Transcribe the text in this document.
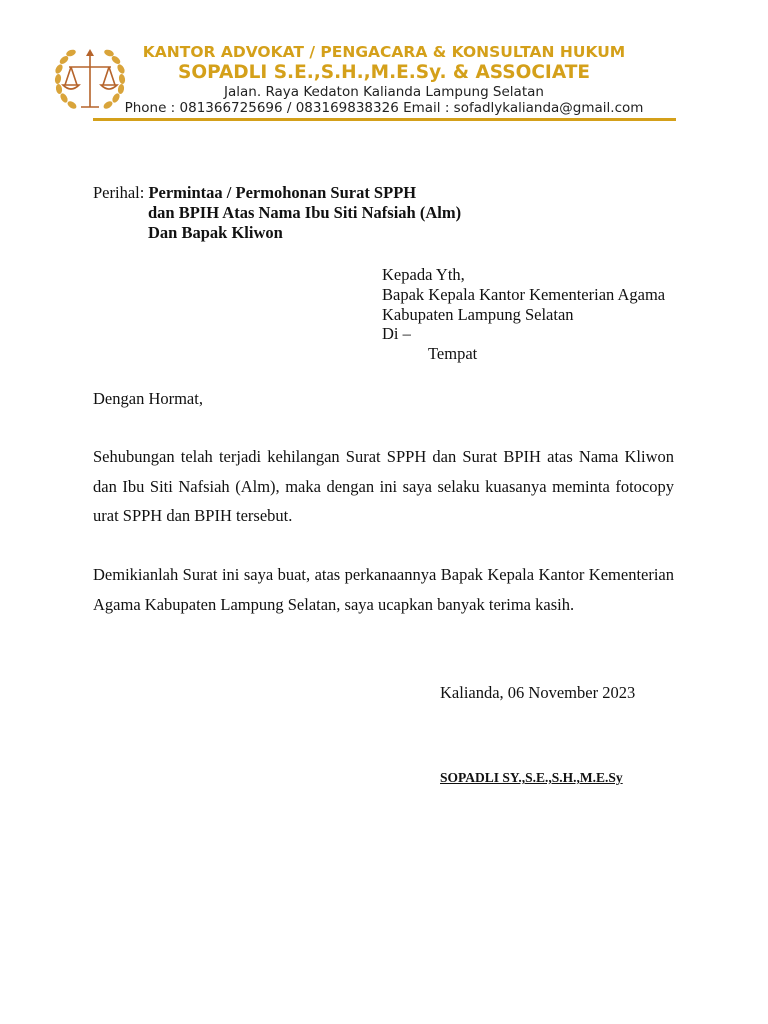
KANTOR ADVOKAT / PENGACARA & KONSULTAN HUKUM
SOPADLI S.E.,S.H.,M.E.Sy. & ASSOCIATE
Jalan. Raya Kedaton Kalianda Lampung Selatan
Phone : 081366725696 / 083169838326 Email : sofadlykalianda@gmail.com
Perihal: Permintaa / Permohonan Surat SPPH
dan BPIH Atas Nama Ibu Siti Nafsiah (Alm)
Dan Bapak Kliwon
Kepada Yth,
Bapak Kepala Kantor Kementerian Agama
Kabupaten Lampung Selatan
Di –
Tempat
Dengan Hormat,
Sehubungan telah terjadi kehilangan Surat SPPH dan Surat BPIH atas Nama Kliwon dan Ibu Siti Nafsiah (Alm), maka dengan ini saya selaku kuasanya meminta fotocopy urat SPPH dan BPIH tersebut.
Demikianlah Surat ini saya buat, atas perkanaannya Bapak Kepala Kantor Kementerian Agama Kabupaten Lampung Selatan, saya ucapkan banyak terima kasih.
Kalianda, 06 November 2023
SOPADLI SY.,S.E.,S.H.,M.E.Sy
